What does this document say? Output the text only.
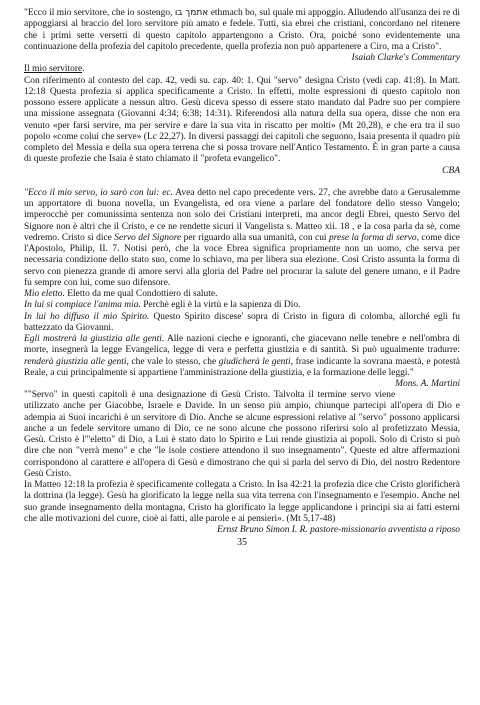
"Ecco il mio servitore, che io sostengo, אתמך בו ethmach bo, sul quale mi appoggio. Alludendo all'usanza dei re di appoggiarsi al braccio del loro servitore più amato e fedele. Tutti, sia ebrei che cristiani, concordano nel ritenere che i primi sette versetti di questo capitolo appartengono a Cristo. Ora, poiché sono evidentemente una continuazione della profezia del capitolo precedente, quella profezia non può appartenere a Ciro, ma a Cristo".

Isaiah Clarke's Commentary

Il mio servitore.

Con riferimento al contesto del cap. 42, vedi su. cap. 40: 1. Qui "servo" designa Cristo (vedi cap. 41:8). In Matt. 12:18 Questa profezia si applica specificamente a Cristo. In effetti, molte espressioni di questo capitolo non possono essere applicate a nessun altro. Gesù diceva spesso di essere stato mandato dal Padre suo per compiere una missione assegnata (Giovanni 4:34; 6:38; 14:31). Riferendosi alla natura della sua opera, disse che non era venuto «per farsi servire, ma per servire e dare la sua vita in riscatto per molti» (Mt 20,28), e che era tra il suo popolo «come colui che serve» (Lc 22,27). In diversi passaggi dei capitoli che seguono, Isaia presenta il quadro più completo del Messia e della sua opera terrena che si possa trovare nell'Antico Testamento. È in gran parte a causa di queste profezie che Isaia è stato chiamato il "profeta evangelico".

CBA

"Ecco il mio servo, io sarò con lui: ec. Avea detto nel capo precedente vers. 27, che avrebbe dato a Gerusalemme un apportatore di buona novella, un Evangelista, ed ora viene a parlare del fondatore dello stesso Vangelo; imperocchè per comunissima sentenza non solo dei Cristiani interpreti, ma ancor degli Ebrei, questo Servo del Signore non è altri che il Cristo, e ce ne rendette sicuri il Vangelista s. Matteo xii. 18 , e la cosa parla da sè, come vedremo. Cristo si dice Servo del Signore per riguardo alla sua umanità, con cui prese la forma di servo, come dice l'Apostolo, Philip, II. 7. Notisi però, che la voce Ebrea significa propriamente non un uomo, che serva per necessaria condizione dello stato suo, come lo schiavo, ma per libera sua elezione. Così Cristo assunta la forma di servo con pienezza grande di amore servì alla gloria del Padre nel procurar la salute del genere umano, e il Padre fu sempre con lui, come suo difensore.

Mio eletto. Eletto da me qual Condottiero di salute.

In lui si compiace l'anima mia. Perchè egli è la virtù e la sapienza di Dio.

In lui ho diffuso il mio Spirito. Questo Spirito discese' sopra di Cristo in figura di colomba, allorché egli fu battezzato da Giovanni.

Egli mostrerà la giustizia alle genti. Alle nazioni cieche e ignoranti, che giacevano nelle tenebre e nell'ombra di morte, insegnerà la legge Evangelica, legge di vera e perfetta giustizia e di santità. Si può ugualmente tradurre: renderà giustizia alle genti, che vale lo stesso, che giudicherà le genti, frase indicante la sovrana maestà, e potestà Reale, a cui principalmente si appartiene l'amministrazione della giustizia, e la formazione delle leggi."
Mons. A. Martini

""Servo" in questi capitoli è una designazione di Gesù Cristo. Talvolta il termine servo viene utilizzato anche per Giacobbe, Israele e Davide. In un senso più ampio, chiunque partecipi all'opera di Dio e adempia ai Suoi incarichi è un servitore di Dio. Anche se alcune espressioni relative al "servo" possono applicarsi anche a un fedele servitore umano di Dio, ce ne sono alcune che possono riferirsi solo al profetizzato Messia, Gesù. Cristo è l'"eletto" di Dio, a Lui è stato dato lo Spirito e Lui rende giustizia ai popoli. Solo di Cristo si può dire che non "verrà meno" e che "le isole costiere attendono il suo insegnamento". Queste ed altre affermazioni corrispondono al carattere e all'opera di Gesù e dimostrano che qui si parla del servo di Dio, del nostro Redentore Gesù Cristo.

In Matteo 12:18 la profezia è specificamente collegata a Cristo. In Isa 42:21 la profezia dice che Cristo glorificherà la dottrina (la legge). Gesù ha glorificato la legge nella sua vita terrena con l'insegnamento e l'esempio. Anche nel suo grande insegnamento della montagna, Cristo ha glorificato la legge applicandone i principi sia ai fatti esterni che alle motivazioni del cuore, cioè ai fatti, alle parole e ai pensieri». (Mt 5,17-48)

Ernst Bruno Simon I. R. pastore-missionario avventista a riposo
35
